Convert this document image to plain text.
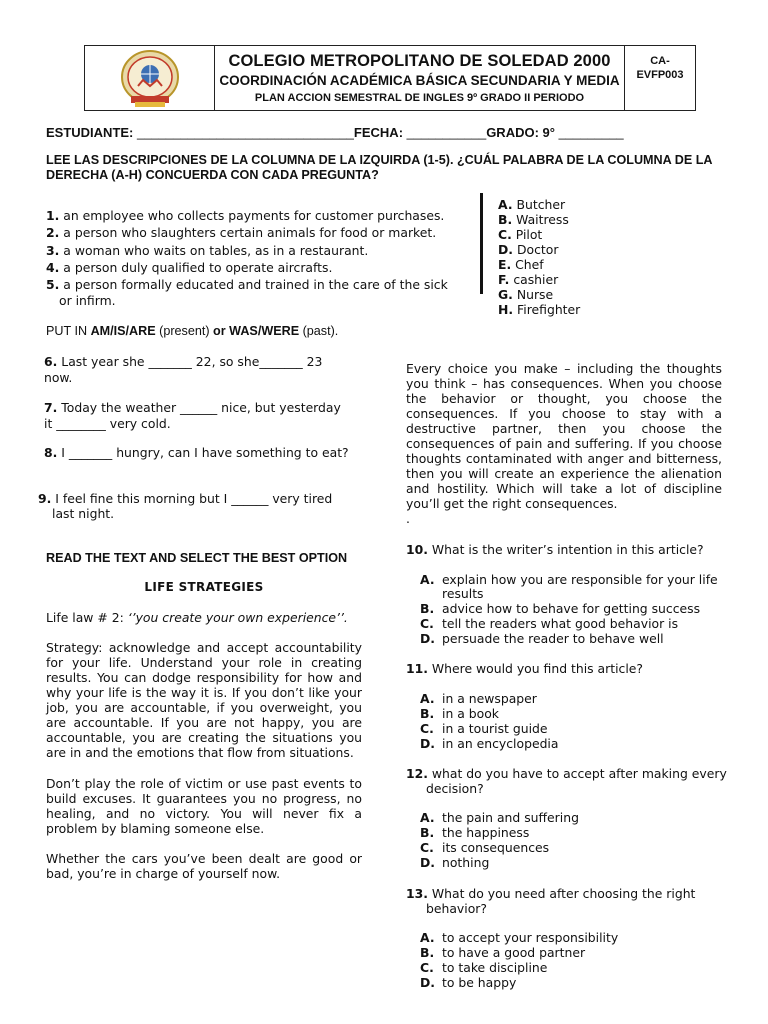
COLEGIO METROPOLITANO DE SOLEDAD 2000
COORDINACIÓN ACADÉMICA BÁSICA SECUNDARIA Y MEDIA
PLAN ACCION SEMESTRAL DE INGLES 9º GRADO II PERIODO
CA-
EVFP003
ESTUDIANTE: ______________________________FECHA: ___________GRADO: 9° _________
LEE LAS DESCRIPCIONES DE LA COLUMNA DE LA IZQUIRDA (1-5). ¿CUÁL PALABRA DE LA COLUMNA DE LA
DERECHA (A-H) CONCUERDA CON CADA PREGUNTA?
1. an employee who collects payments for customer purchases.
2. a person who slaughters certain animals for food or market.
3. a woman who waits on tables, as in a restaurant.
4. a person duly qualified to operate aircrafts.
5. a person formally educated and trained in the care of the sick
or infirm.
A. Butcher
B. Waitress
C. Pilot
D. Doctor
E. Chef
F. cashier
G. Nurse
H. Firefighter
PUT IN AM/IS/ARE (present) or WAS/WERE (past).
6. Last year she _______ 22, so she_______ 23
now.
7. Today the weather ______ nice, but yesterday
it ________ very cold.
8. I _______ hungry, can I have something to eat?
9. I feel fine this morning but I ______ very tired
last night.
READ THE TEXT AND SELECT THE BEST OPTION
LIFE STRATEGIES
Life law # 2: ‘’you create your own experience’’.
Strategy: acknowledge and accept accountability
for your life. Understand your role in creating
results. You can dodge responsibility for how and
why your life is the way it is. If you don’t like your
job, you are accountable, if you overweight, you
are accountable. If you are not happy, you are
accountable, you are creating the situations you
are in and the emotions that flow from situations.
Don’t play the role of victim or use past events to
build excuses. It guarantees you no progress, no
healing, and no victory. You will never fix a
problem by blaming someone else.
Whether the cars you’ve been dealt are good or
bad, you’re in charge of yourself now.
Every choice you make – including the thoughts
you think – has consequences. When you choose
the behavior or thought, you choose the
consequences. If you choose to stay with a
destructive partner, then you choose the
consequences of pain and suffering. If you choose
thoughts contaminated with anger and bitterness,
then you will create an experience the alienation
and hostility. Which will take a lot of discipline
you’ll get the right consequences.
.
10. What is the writer’s intention in this article?
A. explain how you are responsible for your life
results
B. advice how to behave for getting success
C. tell the readers what good behavior is
D. persuade the reader to behave well
11. Where would you find this article?
A. in a newspaper
B. in a book
C. in a tourist guide
D. in an encyclopedia
12. what do you have to accept after making every
decision?
A. the pain and suffering
B. the happiness
C. its consequences
D. nothing
13. What do you need after choosing the right
behavior?
A. to accept your responsibility
B. to have a good partner
C. to take discipline
D. to be happy
